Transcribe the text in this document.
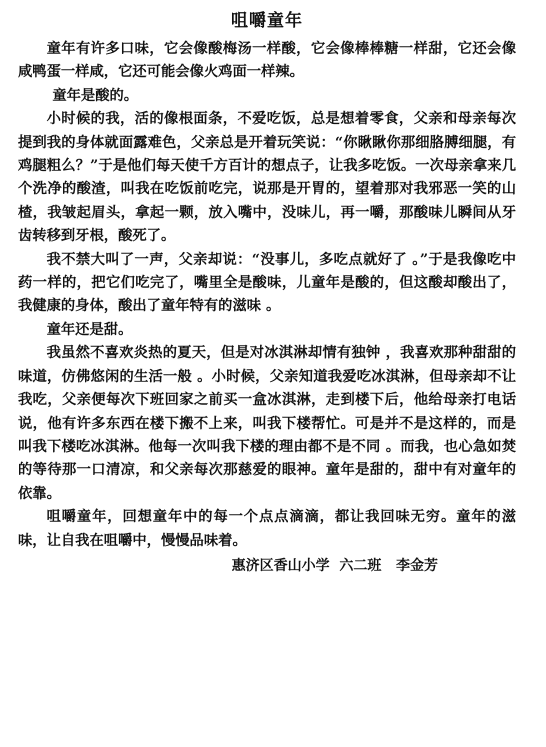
咀嚼童年

童年有许多口味，它会像酸梅汤一样酸，它会像棒棒糖一样甜，它还会像咸鸭蛋一样咸，它还可能会像火鸡面一样辣。

童年是酸的。

小时候的我，活的像根面条，不爱吃饭，总是想着零食，父亲和母亲每次提到我的身体就面露难色，父亲总是开着玩笑说：“你瞅瞅你那细胳膊细腿，有鸡腿粗么？”于是他们每天使千方百计的想点子，让我多吃饭。一次母亲拿来几个洗净的酸渣，叫我在吃饭前吃完，说那是开胃的，望着那对我邪恶一笑的山楂，我皱起眉头，拿起一颗，放入嘴中，没味儿，再一嚼，那酸味儿瞬间从牙齿转移到牙根，酸死了。

我不禁大叫了一声，父亲却说：“没事儿，多吃点就好了 。”于是我像吃中药一样的，把它们吃完了，嘴里全是酸味，儿童年是酸的，但这酸却酸出了，我健康的身体，酸出了童年特有的滋味 。

童年还是甜。

我虽然不喜欢炎热的夏天，但是对冰淇淋却情有独钟 ，我喜欢那种甜甜的味道，仿佛悠闲的生活一般 。小时候，父亲知道我爱吃冰淇淋，但母亲却不让我吃，父亲便每次下班回家之前买一盒冰淇淋，走到楼下后，他给母亲打电话说，他有许多东西在楼下搬不上来，叫我下楼帮忙。可是并不是这样的，而是叫我下楼吃冰淇淋。他每一次叫我下楼的理由都不是不同 。而我，也心急如焚的等待那一口清凉，和父亲每次那慈爱的眼神。童年是甜的，甜中有对童年的依靠。

咀嚼童年，回想童年中的每一个点点滴滴，都让我回味无穷。童年的滋味，让自我在咀嚼中，慢慢品味着。

惠济区香山小学  六二班   李金芳
